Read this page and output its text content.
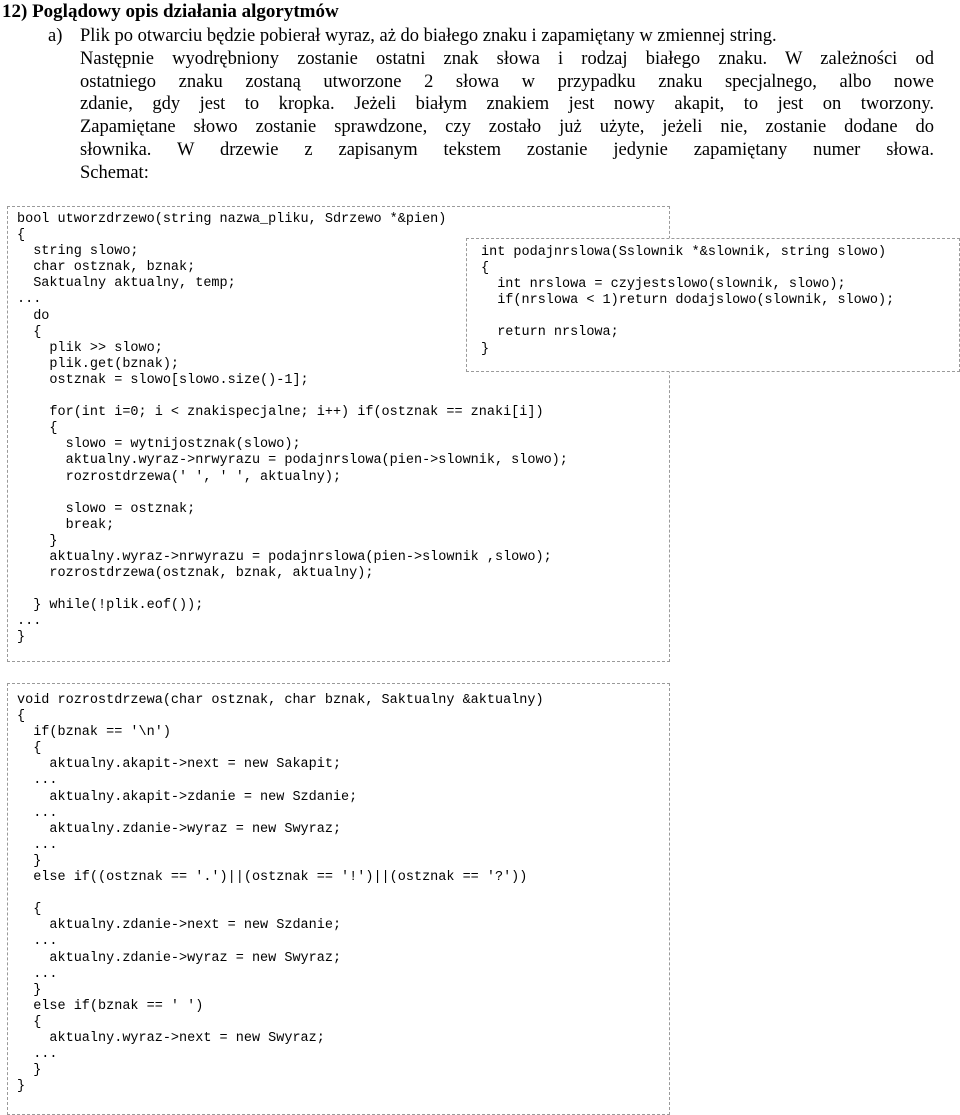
12) Poglądowy opis działania algorytmów
a) Plik po otwarciu będzie pobierał wyraz, aż do białego znaku i zapamiętany w zmiennej string.
Następnie wyodrębniony zostanie ostatni znak słowa i rodzaj białego znaku. W zależności od
ostatniego znaku zostaną utworzone 2 słowa w przypadku znaku specjalnego, albo nowe
zdanie, gdy jest to kropka. Jeżeli białym znakiem jest nowy akapit, to jest on tworzony.
Zapamiętane słowo zostanie sprawdzone, czy zostało już użyte, jeżeli nie, zostanie dodane do
słownika. W drzewie z zapisanym tekstem zostanie jedynie zapamiętany numer słowa.
Schemat:
bool utworzdrzewo(string nazwa_pliku, Sdrzewo *&pien)
{
string slowo;
char ostznak, bznak;
Saktualny aktualny, temp;
...
do
{
plik >> slowo;
plik.get(bznak);
ostznak = slowo[slowo.size()-1];

for(int i=0; i < znakispecjalne; i++) if(ostznak == znaki[i])
{
slowo = wytnijostznak(slowo);
aktualny.wyraz->nrwyrazu = podajnrslowa(pien->slownik, slowo);
rozrostdrzewa(' ', ' ', aktualny);

slowo = ostznak;
break;
}
aktualny.wyraz->nrwyrazu = podajnrslowa(pien->slownik ,slowo);
rozrostdrzewa(ostznak, bznak, aktualny);

} while(!plik.eof());
...
}
int podajnrslowa(Sslownik *&slownik, string slowo)
{
int nrslowa = czyjestslowo(slownik, slowo);
if(nrslowa < 1)return dodajslowo(slownik, slowo);

return nrslowa;
}
void rozrostdrzewa(char ostznak, char bznak, Saktualny &aktualny)
{
if(bznak == '\n')
{
aktualny.akapit->next = new Sakapit;
...
aktualny.akapit->zdanie = new Szdanie;
...
aktualny.zdanie->wyraz = new Swyraz;
...
}
else if((ostznak == '.')||(ostznak == '!')||(ostznak == '?'))

{
aktualny.zdanie->next = new Szdanie;
...
aktualny.zdanie->wyraz = new Swyraz;
...
}
else if(bznak == ' ')
{
aktualny.wyraz->next = new Swyraz;
...
}
}
